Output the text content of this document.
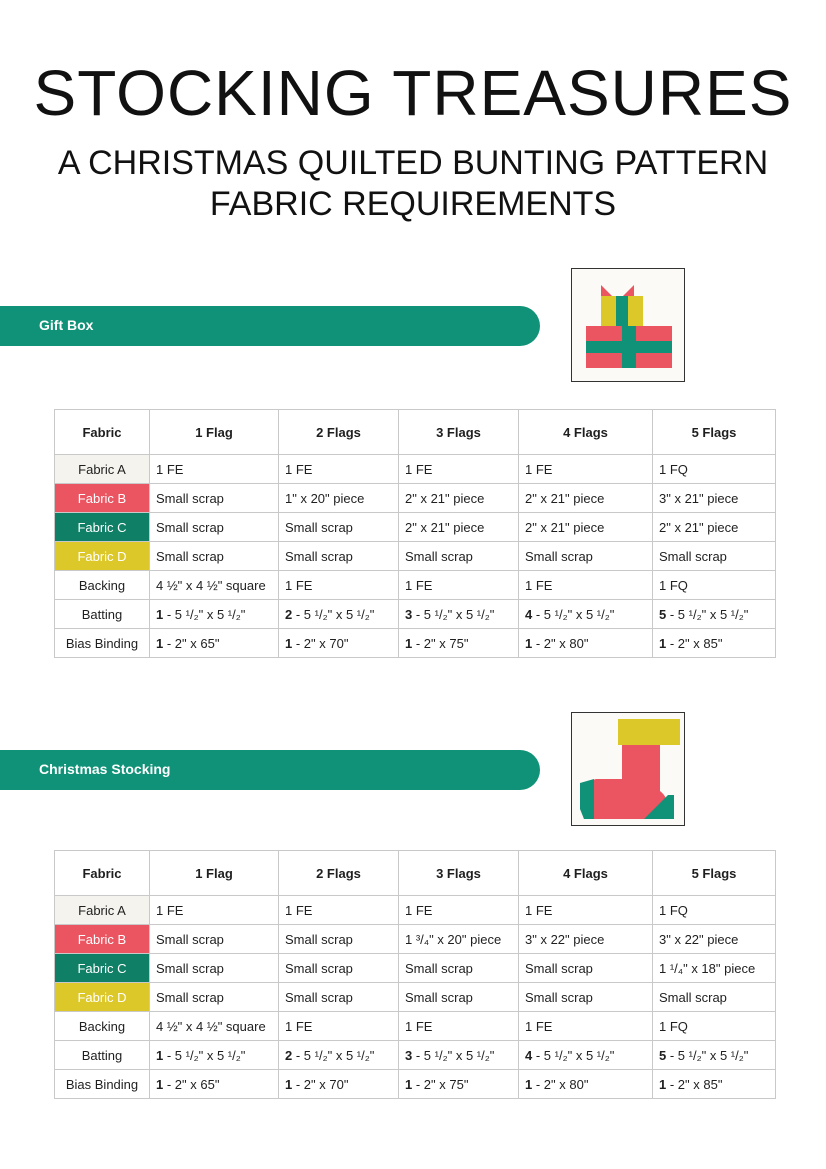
STOCKING TREASURES
A CHRISTMAS QUILTED BUNTING PATTERN
FABRIC REQUIREMENTS
Gift Box
Fabric	1 Flag	2 Flags	3 Flags	4 Flags	5 Flags
Fabric A	1 FE	1 FE	1 FE	1 FE	1 FQ
Fabric B	Small scrap	1" x 20" piece	2" x 21" piece	2" x 21" piece	3" x 21" piece
Fabric C	Small scrap	Small scrap	2" x 21" piece	2" x 21" piece	2" x 21" piece
Fabric D	Small scrap	Small scrap	Small scrap	Small scrap	Small scrap
Backing	4 ½" x 4 ½" square	1 FE	1 FE	1 FE	1 FQ
Batting	1 - 5 ¹/₂" x 5 ¹/₂"	2 - 5 ¹/₂" x 5 ¹/₂"	3 - 5 ¹/₂" x 5 ¹/₂"	4 - 5 ¹/₂" x 5 ¹/₂"	5 - 5 ¹/₂" x 5 ¹/₂"
Bias Binding	1 - 2" x 65"	1 - 2" x 70"	1 - 2" x 75"	1 - 2" x 80"	1 - 2" x 85"
Christmas Stocking
Fabric	1 Flag	2 Flags	3 Flags	4 Flags	5 Flags
Fabric A	1 FE	1 FE	1 FE	1 FE	1 FQ
Fabric B	Small scrap	Small scrap	1 ³/₄" x 20" piece	3" x 22" piece	3" x 22" piece
Fabric C	Small scrap	Small scrap	Small scrap	Small scrap	1 ¹/₄" x 18" piece
Fabric D	Small scrap	Small scrap	Small scrap	Small scrap	Small scrap
Backing	4 ½" x 4 ½" square	1 FE	1 FE	1 FE	1 FQ
Batting	1 - 5 ¹/₂" x 5 ¹/₂"	2 - 5 ¹/₂" x 5 ¹/₂"	3 - 5 ¹/₂" x 5 ¹/₂"	4 - 5 ¹/₂" x 5 ¹/₂"	5 - 5 ¹/₂" x 5 ¹/₂"
Bias Binding	1 - 2" x 65"	1 - 2" x 70"	1 - 2" x 75"	1 - 2" x 80"	1 - 2" x 85"
